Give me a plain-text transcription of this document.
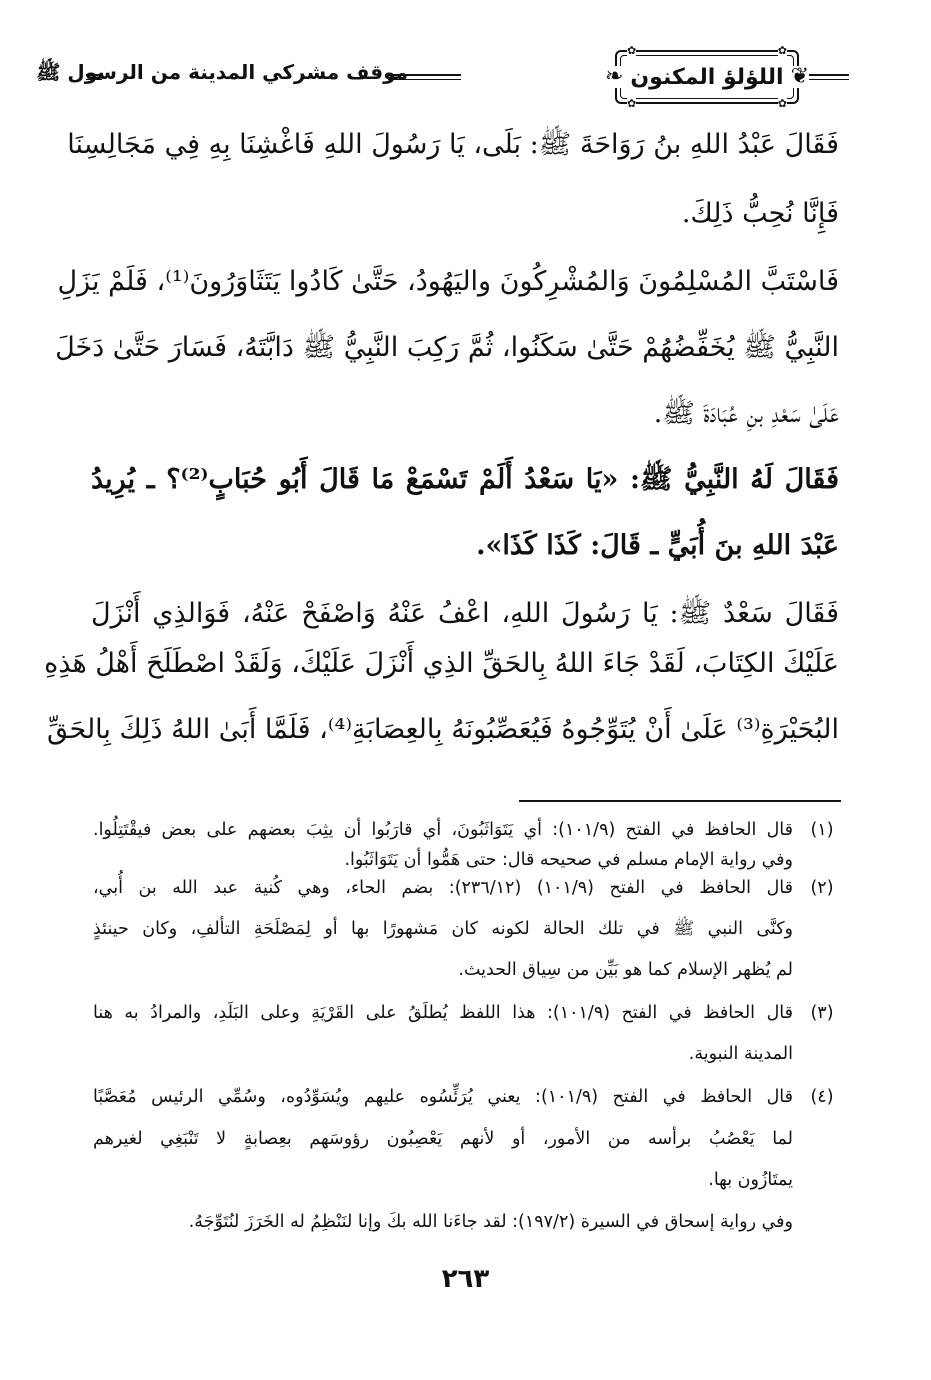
❦
❧
✿	✿
✿	✿
اللؤلؤ المكنون
موقف مشركي المدينة من الرسول ﷺ
فَقَالَ عَبْدُ اللهِ بنُ رَوَاحَةَ ﷺ: بَلَى، يَا رَسُولَ اللهِ فَاغْشِنَا بِهِ فِي مَجَالِسِنَا
فَإِنَّا نُحِبُّ ذَلِكَ.
فَاسْتَبَّ المُسْلِمُونَ وَالمُشْرِكُونَ واليَهُودُ، حَتَّىٰ كَادُوا يَتَثَاوَرُونَ⁽¹⁾، فَلَمْ يَزَلِ
النَّبِيُّ ﷺ يُخَفِّضُهُمْ حَتَّىٰ سَكَنُوا، ثُمَّ رَكِبَ النَّبِيُّ ﷺ دَابَّتَهُ، فَسَارَ حَتَّىٰ دَخَلَ
عَلَىٰ سَعْدِ بنِ عُبَادَةَ ﷺ.
فَقَالَ لَهُ النَّبِيُّ ﷺ: «يَا سَعْدُ أَلَمْ تَسْمَعْ مَا قَالَ أَبُو حُبَابٍ⁽²⁾؟ ـ يُرِيدُ
عَبْدَ اللهِ بنَ أُبَيٍّ ـ قَالَ: كَذَا كَذَا».
فَقَالَ سَعْدٌ ﷺ: يَا رَسُولَ اللهِ، اعْفُ عَنْهُ وَاصْفَحْ عَنْهُ، فَوَالذِي أَنْزَلَ
عَلَيْكَ الكِتَابَ، لَقَدْ جَاءَ اللهُ بِالحَقِّ الذِي أَنْزَلَ عَلَيْكَ، وَلَقَدْ اصْطَلَحَ أَهْلُ هَذِهِ
البُحَيْرَةِ⁽³⁾ عَلَىٰ أَنْ يُتَوِّجُوهُ فَيُعَصِّبُونَهُ بِالعِصَابَةِ⁽⁴⁾، فَلَمَّا أَبَىٰ اللهُ ذَلِكَ بِالحَقِّ
(١)
قال الحافظ في الفتح (١٠١/٩): أي يَتَوَاثَبُونَ، أي قارَبُوا أن يثِبَ بعضهم على بعض فيقْتَتِلُوا.
وفي رواية الإمام مسلم في صحيحه قال: حتى هَمُّوا أن يَتَوَاثَبُوا.
(٢)
قال الحافظ في الفتح (١٠١/٩) (٢٣٦/١٢): بضم الحاء، وهي كُنية عبد الله بن أُبي،
وكنَّى النبي ﷺ في تلك الحالة لكونه كان مَشهورًا بها أو لِمَصْلَحَةِ التألفِ، وكان حينئذٍ
لم يُظهر الإسلام كما هو بَيِّن من سِياق الحديث.
(٣)
قال الحافظ في الفتح (١٠١/٩): هذا اللفظ يُطلَقُ على القَرْيَةِ وعلى البَلَدِ، والمرادُ به هنا
المدينة النبوية.
(٤)
قال الحافظ في الفتح (١٠١/٩): يعني يُرَئِّسُوه عليهم ويُسَوِّدُوه، وسُمِّي الرئيس مُعَصَّبًا
لما يَعْصُبُ برأسه من الأمور، أو لأنهم يَعْصِبُون رؤوسَهم بعِصابةٍ لا تَنْبَغِي لغيرهم
يمتَازُون بها.
وفي رواية إسحاق في السيرة (١٩٧/٢): لقد جاءَنا الله بكَ وإنا لنَنْظِمُ له الخَرَزَ لنُتَوِّجَهُ.
٢٦٣
